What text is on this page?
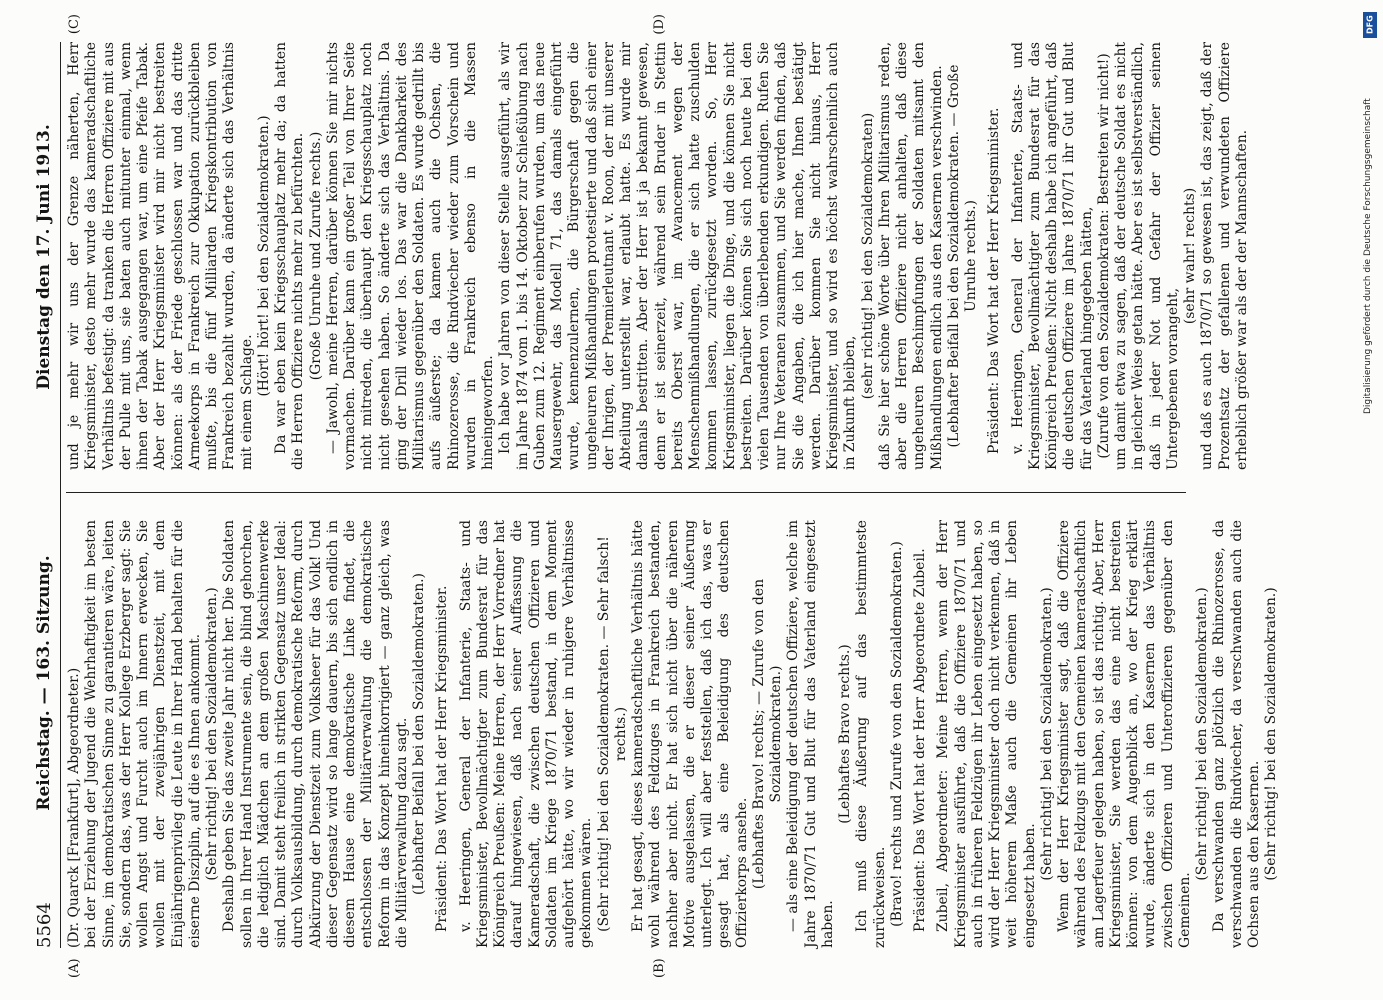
5564
Reichstag. — 163. Sitzung.
Dienstag den 17. Juni 1913.
(A)	(B)
(C)	(D)

(Dr. Quarck [Frankfurt], Abgeordneter.) bei der Erziehung der Jugend die Wehrhaftigkeit im besten Sinne, im demokratischen Sinne zu garantieren wäre, leiten Sie, sondern das, was der Herr Kollege Erzberger sagt: Sie wollen Angst und Furcht auch im Innern erwecken, Sie wollen mit der zweijährigen Dienstzeit, mit dem Einjährigenprivileg die Leute in Ihrer Hand behalten für die eiserne Disziplin, auf die es Ihnen ankommt. (Sehr richtig! bei den Sozialdemokraten.) Deshalb geben Sie das zweite Jahr nicht her. Die Soldaten sollen in Ihrer Hand Instrumente sein, die blind gehorchen, die lediglich Mädchen an dem großen Maschinenwerke sind. Damit steht freilich in strikten Gegensatz unser Ideal: durch Volksausbildung, durch demokratische Reform, durch Abkürzung der Dienstzeit zum Volksheer für das Volk! Und dieser Gegensatz wird so lange dauern, bis sich endlich in diesem Hause eine demokratische Linke findet, die entschlossen der Militärverwaltung die demokratische Reform in das Konzept hineinkorrigiert — ganz gleich, was die Militärverwaltung dazu sagt. (Lebhafter Beifall bei den Sozialdemokraten.) Präsident: Das Wort hat der Herr Kriegsminister. v. Heeringen, General der Infanterie, Staats- und Kriegsminister, Bevollmächtigter zum Bundesrat für das Königreich Preußen: Meine Herren, der Herr Vorredner hat darauf hingewiesen, daß nach seiner Auffassung die Kameradschaft, die zwischen deutschen Offizieren und Soldaten im Kriege 1870/71 bestand, in dem Moment aufgehört hätte, wo wir wieder in ruhigere Verhältnisse gekommen wären. (Sehr richtig! bei den Sozialdemokraten. — Sehr falsch! rechts.) Er hat gesagt, dieses kameradschaftliche Verhältnis hätte wohl während des Feldzuges in Frankreich bestanden, nachher aber nicht. Er hat sich nicht über die näheren Motive ausgelassen, die er dieser seiner Äußerung unterlegt. Ich will aber feststellen, daß ich das, was er gesagt hat, als eine Beleidigung des deutschen Offizierkorps ansehe. (Lebhaftes Bravo! rechts; — Zurufe von den Sozialdemokraten.) — als eine Beleidigung der deutschen Offiziere, welche im Jahre 1870/71 Gut und Blut für das Vaterland eingesetzt haben.

(Lebhaftes Bravo rechts.) Ich muß diese Äußerung auf das bestimmteste zurückweisen. (Bravo! rechts und Zurufe von den Sozialdemokraten.) Präsident: Das Wort hat der Herr Abgeordnete Zubeil. Zubeil, Abgeordneter: Meine Herren, wenn der Herr Kriegsminister ausführte, daß die Offiziere 1870/71 und auch in früheren Feldzügen ihr Leben eingesetzt haben, so wird der Herr Kriegsminister doch nicht verkennen, daß in weit höherem Maße auch die Gemeinen ihr Leben eingesetzt haben.

(Sehr richtig! bei den Sozialdemokraten.) Wenn der Herr Kriegsminister sagt, daß die Offiziere während des Feldzugs mit den Gemeinen kameradschaftlich am Lagerfeuer gelegen haben, so ist das richtig. Aber, Herr Kriegsminister, Sie werden das eine nicht bestreiten können: von dem Augenblick an, wo der Krieg erklärt wurde, änderte sich in den Kasernen das Verhältnis zwischen Offizieren und Unteroffizieren gegenüber den Gemeinen.

(Sehr richtig! bei den Sozialdemokraten.) Da verschwanden ganz plötzlich die Rhinozerosse, da verschwanden die Rindviecher, da verschwanden auch die Ochsen aus den Kasernen. (Sehr richtig! bei den Sozialdemokraten.)

und je mehr wir uns der Grenze näherten, Herr Kriegsminister, desto mehr wurde das kameradschaftliche Verhältnis befestigt: da tranken die Herren Offiziere mit aus der Pulle mit uns, sie baten auch mitunter einmal, wenn ihnen der Tabak ausgegangen war, um eine Pfeife Tabak. Aber der Herr Kriegsminister wird mir nicht bestreiten können: als der Friede geschlossen war und das dritte Armeekorps in Frankreich zur Okkupation zurückbleiben mußte, bis die fünf Milliarden Kriegskontribution von Frankreich bezahlt wurden, da änderte sich das Verhältnis mit einem Schlage.

(Hört! hört! bei den Sozialdemokraten.) Da war eben kein Kriegsschauplatz mehr da; da hatten die Herren Offiziere nichts mehr zu befürchten. (Große Unruhe und Zurufe rechts.) — Jawohl, meine Herren, darüber können Sie mir nichts vormachen. Darüber kann ein großer Teil von Ihrer Seite nicht mitreden, die überhaupt den Kriegsschauplatz noch nicht gesehen haben. So änderte sich das Verhältnis. Da ging der Drill wieder los. Das war die Dankbarkeit des Militarismus gegenüber den Soldaten. Es wurde gedrillt bis aufs äußerste; da kamen auch die Ochsen, die Rhinozerosse, die Rindviecher wieder zum Vorschein und wurden in Frankreich ebenso in die Massen hineingeworfen. Ich habe vor Jahren von dieser Stelle ausgeführt, als wir im Jahre 1874 vom 1. bis 14. Oktober zur Schießübung nach Guben zum 12. Regiment einberufen wurden, um das neue Mausergewehr, das Modell 71, das damals eingeführt wurde, kennenzulernen, die Bürgerschaft gegen die ungeheuren Mißhandlungen protestierte und daß sich einer der Ihrigen, der Premierleutnant v. Roon, der mit unserer Abteilung unterstellt war, erlaubt hatte. Es wurde mir damals bestritten. Aber der Herr ist ja bekannt gewesen, denn er ist seinerzeit, während sein Bruder in Stettin bereits Oberst war, im Avancement wegen der Menschenmißhandlungen, die er sich hatte zuschulden kommen lassen, zurückgesetzt worden. So, Herr Kriegsminister, liegen die Dinge, und die können Sie nicht bestreiten. Darüber können Sie sich noch heute bei den vielen Tausenden von überlebenden erkundigen. Rufen Sie nur Ihre Veteranen zusammen, und Sie werden finden, daß Sie die Angaben, die ich hier mache, Ihnen bestätigt werden. Darüber kommen Sie nicht hinaus, Herr Kriegsminister, und so wird es höchst wahrscheinlich auch in Zukunft bleiben,

(sehr richtig! bei den Sozialdemokraten) daß Sie hier schöne Worte über Ihren Militarismus reden, aber die Herren Offiziere nicht anhalten, daß diese ungeheuren Beschimpfungen der Soldaten mitsamt den Mißhandlungen endlich aus den Kasernen verschwinden. (Lebhafter Beifall bei den Sozialdemokraten. — Große Unruhe rechts.) Präsident: Das Wort hat der Herr Kriegsminister. v. Heeringen, General der Infanterie, Staats- und Kriegsminister, Bevollmächtigter zum Bundesrat für das Königreich Preußen: Nicht deshalb habe ich angeführt, daß die deutschen Offiziere im Jahre 1870/71 ihr Gut und Blut für das Vaterland hingegeben hätten, (Zurufe von den Sozialdemokraten: Bestreiten wir nicht!) um damit etwa zu sagen, daß der deutsche Soldat es nicht in gleicher Weise getan hätte. Aber es ist selbstverständlich, daß in jeder Not und Gefahr der Offizier seinen Untergebenen vorangeht,

(sehr wahr! rechts) und daß es auch 1870/71 so gewesen ist, das zeigt, daß der Prozentsatz der gefallenen und verwundeten Offiziere erheblich größer war als der der Mannschaften.

DFG
Digitalisierung gefördert durch die Deutsche Forschungsgemeinschaft
